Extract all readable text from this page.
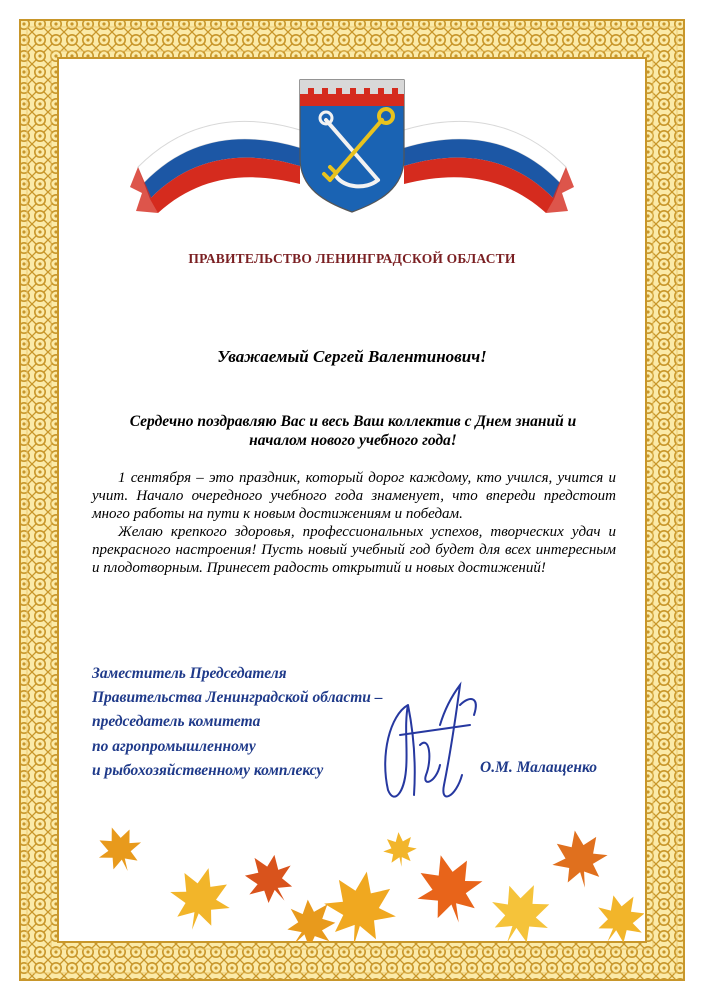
ПРАВИТЕЛЬСТВО ЛЕНИНГРАДСКОЙ ОБЛАСТИ
Уважаемый Сергей Валентинович!
Сердечно поздравляю Вас и весь Ваш коллектив с Днем знаний и
началом нового учебного года!

1 сентября – это праздник, который дорог каждому, кто учился, учится и учит. Начало очередного учебного года знаменует, что впереди предстоит много работы на пути к новым достижениям и победам.

Желаю крепкого здоровья, профессиональных успехов, творческих удач и прекрасного настроения! Пусть новый учебный год будет для всех интересным и плодотворным. Принесет радость открытий и новых достижений!

Заместитель Председателя
Правительства Ленинградской области –
председатель комитета
по агропромышленному
и рыбохозяйственному комплексу	О.М. Малащенко
